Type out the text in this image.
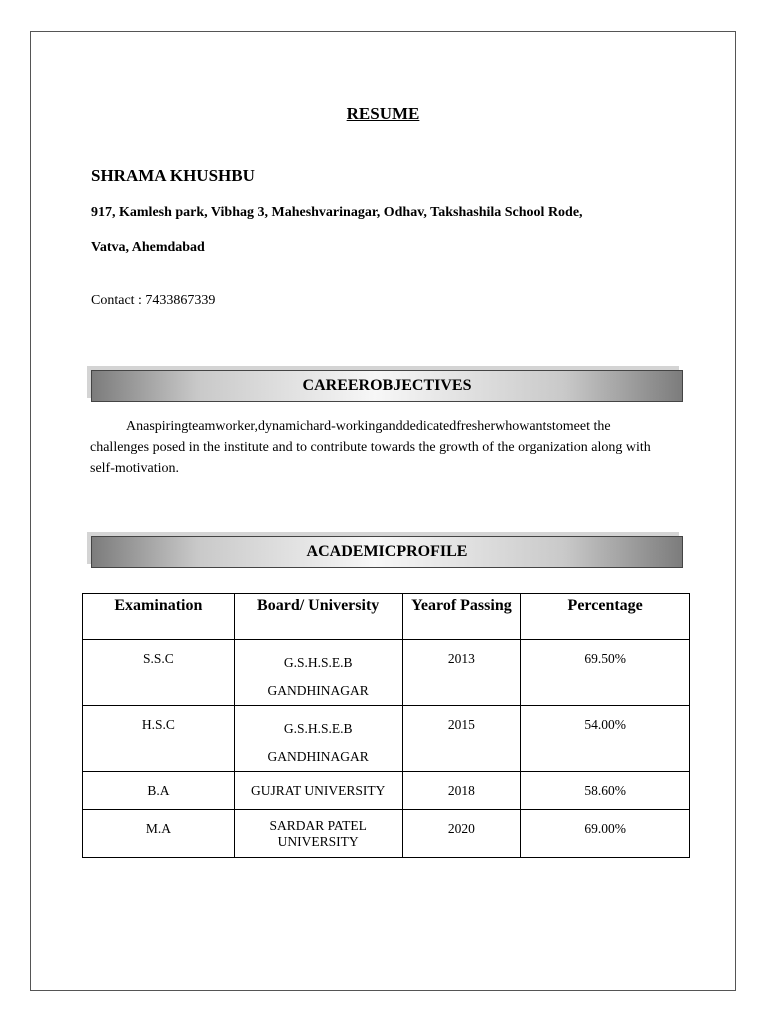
RESUME
SHRAMA KHUSHBU
917, Kamlesh park, Vibhag 3, Maheshvarinagar, Odhav, Takshashila School Rode,
Vatva, Ahemdabad
Contact : 7433867339
CAREEROBJECTIVES
Anaspiringteamworker,dynamichard-workinganddedicatedfresherwhowantstomeet the challenges posed in the institute and to contribute towards the growth of the organization along with self-motivation.
ACADEMICPROFILE
Examination	Board/ University	Yearof Passing	Percentage
S.S.C	G.S.H.S.E.B GANDHINAGAR	2013	69.50%
H.S.C	G.S.H.S.E.B GANDHINAGAR	2015	54.00%
B.A	GUJRAT UNIVERSITY	2018	58.60%
M.A	SARDAR PATEL UNIVERSITY	2020	69.00%
